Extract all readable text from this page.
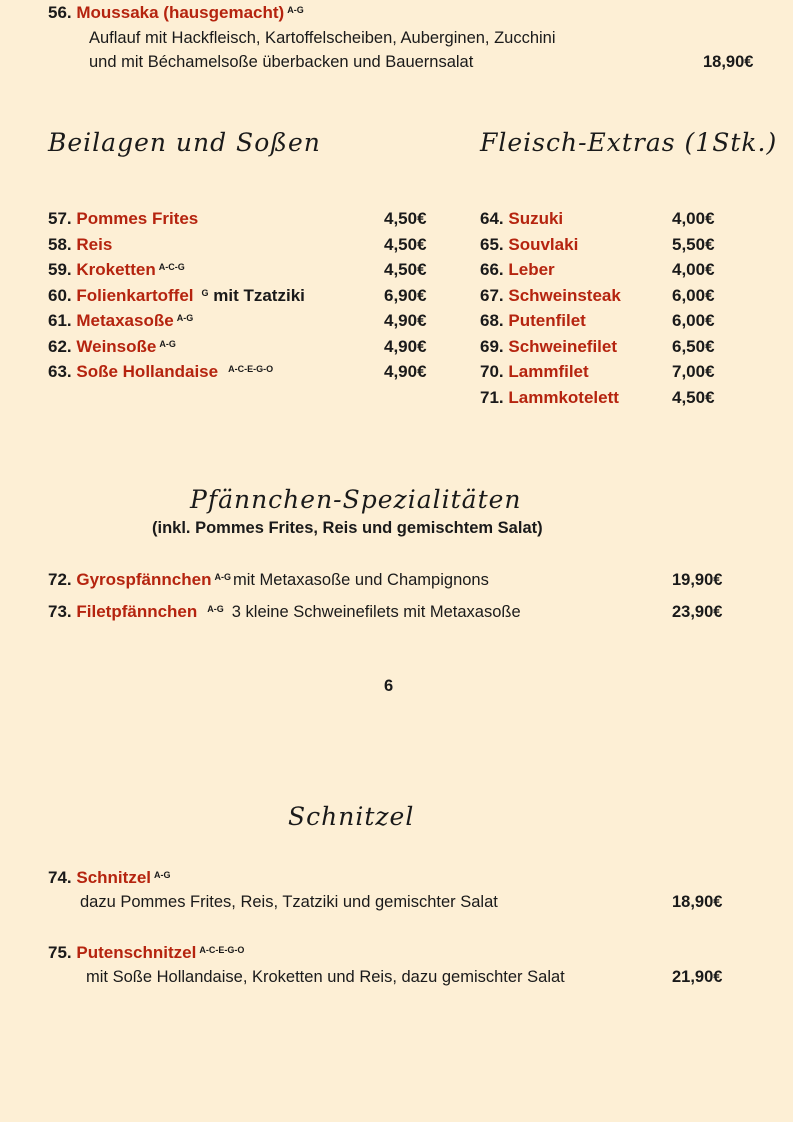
56. Moussaka (hausgemacht) $^{A-G}$
Auflauf mit Hackfleisch, Kartoffelscheiben, Auberginen, Zucchini
und mit Béchamelsoße überbacken und Bauernsalat	18,90€
Beilagen und Soßen	Fleisch-Extras (1Stk.)
57. Pommes Frites	4,50€
58. Reis	4,50€
59. Kroketten $^{A-C-G}$	4,50€
60. Folienkartoffel $^G$ mit Tzatziki	6,90€
61. Metaxasoße $^{A-G}$	4,90€
62. Weinsoße $^{A-G}$	4,90€
63. Soße Hollandaise $^{A-C-E-G-O}$	4,90€
64. Suzuki	4,00€
65. Souvlaki	5,50€
66. Leber	4,00€
67. Schweinsteak	6,00€
68. Putenfilet	6,00€
69. Schweinefilet	6,50€
70. Lammfilet	7,00€
71. Lammkotelett	4,50€
Pfännchen-Spezialitäten
(inkl. Pommes Frites, Reis und gemischtem Salat)
72. Gyrospfännchen $^{A-G}$ mit Metaxasoße und Champignons	19,90€
73. Filetpfännchen $^{A-G}$ 3 kleine Schweinefilets mit Metaxasoße	23,90€
6
Schnitzel
74. Schnitzel $^{A-G}$
dazu Pommes Frites, Reis, Tzatziki und gemischter Salat	18,90€
75. Putenschnitzel $^{A-C-E-G-O}$
mit Soße Hollandaise, Kroketten und Reis, dazu gemischter Salat	21,90€
